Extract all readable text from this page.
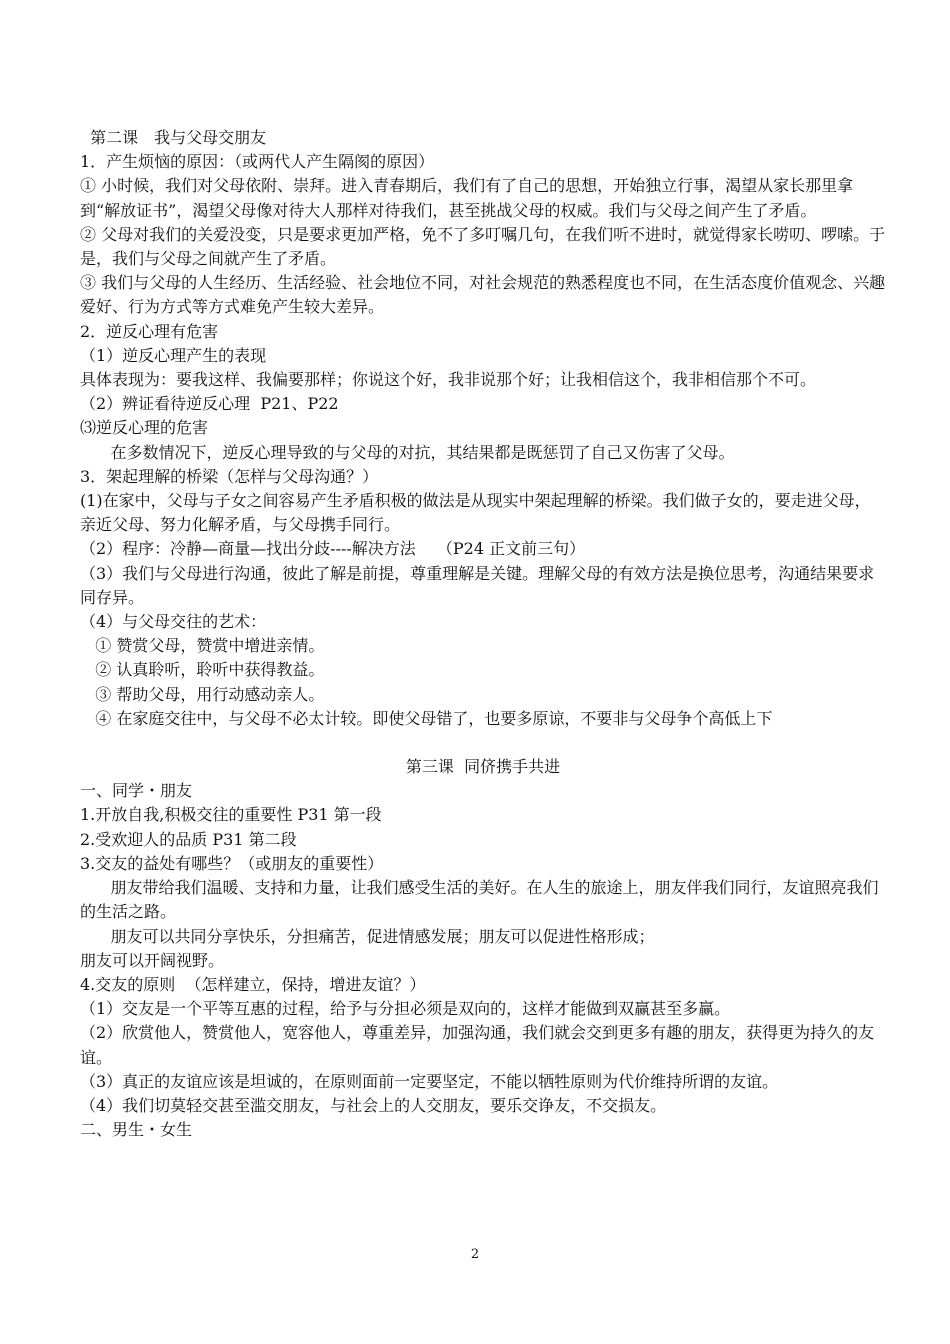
第二课　我与父母交朋友
1．产生烦恼的原因：（或两代人产生隔阂的原因）
① 小时候，我们对父母依附、崇拜。进入青春期后，我们有了自己的思想，开始独立行事，渴望从家长那里拿到“解放证书”，渴望父母像对待大人那样对待我们，甚至挑战父母的权威。我们与父母之间产生了矛盾。
② 父母对我们的关爱没变，只是要求更加严格，免不了多叮嘱几句，在我们听不进时，就觉得家长唠叨、啰嗦。于是，我们与父母之间就产生了矛盾。
③ 我们与父母的人生经历、生活经验、社会地位不同，对社会规范的熟悉程度也不同，在生活态度价值观念、兴趣爱好、行为方式等方式难免产生较大差异。
2．逆反心理有危害
（1）逆反心理产生的表现
具体表现为：要我这样、我偏要那样；你说这个好，我非说那个好；让我相信这个，我非相信那个不可。
（2）辨证看待逆反心理  P21、P22
⑶逆反心理的危害
在多数情况下，逆反心理导致的与父母的对抗，其结果都是既惩罚了自己又伤害了父母。
3．架起理解的桥梁（怎样与父母沟通？）
(1)在家中，父母与子女之间容易产生矛盾积极的做法是从现实中架起理解的桥梁。我们做子女的，要走进父母，亲近父母、努力化解矛盾，与父母携手同行。
（2）程序：冷静—商量—找出分歧----解决方法　 （P24 正文前三句）
（3）我们与父母进行沟通，彼此了解是前提，尊重理解是关键。理解父母的有效方法是换位思考，沟通结果要求同存异。
（4）与父母交往的艺术：
① 赞赏父母，赞赏中增进亲情。
② 认真聆听，聆听中获得教益。
③ 帮助父母，用行动感动亲人。
④ 在家庭交往中，与父母不必太计较。即使父母错了，也要多原谅，不要非与父母争个高低上下
第三课  同侪携手共进
一、同学・朋友
1.开放自我,积极交往的重要性 P31 第一段
2.受欢迎人的品质 P31 第二段
3.交友的益处有哪些？（或朋友的重要性）
朋友带给我们温暖、支持和力量，让我们感受生活的美好。在人生的旅途上，朋友伴我们同行，友谊照亮我们的生活之路。
朋友可以共同分享快乐，分担痛苦，促进情感发展；朋友可以促进性格形成；
朋友可以开阔视野。
4.交友的原则  （怎样建立，保持，增进友谊？）
（1）交友是一个平等互惠的过程，给予与分担必须是双向的，这样才能做到双赢甚至多赢。
（2）欣赏他人，赞赏他人，宽容他人，尊重差异，加强沟通，我们就会交到更多有趣的朋友，获得更为持久的友谊。
（3）真正的友谊应该是坦诚的，在原则面前一定要坚定，不能以牺牲原则为代价维持所谓的友谊。
（4）我们切莫轻交甚至滥交朋友，与社会上的人交朋友，要乐交诤友，不交损友。
二、男生・女生
2
